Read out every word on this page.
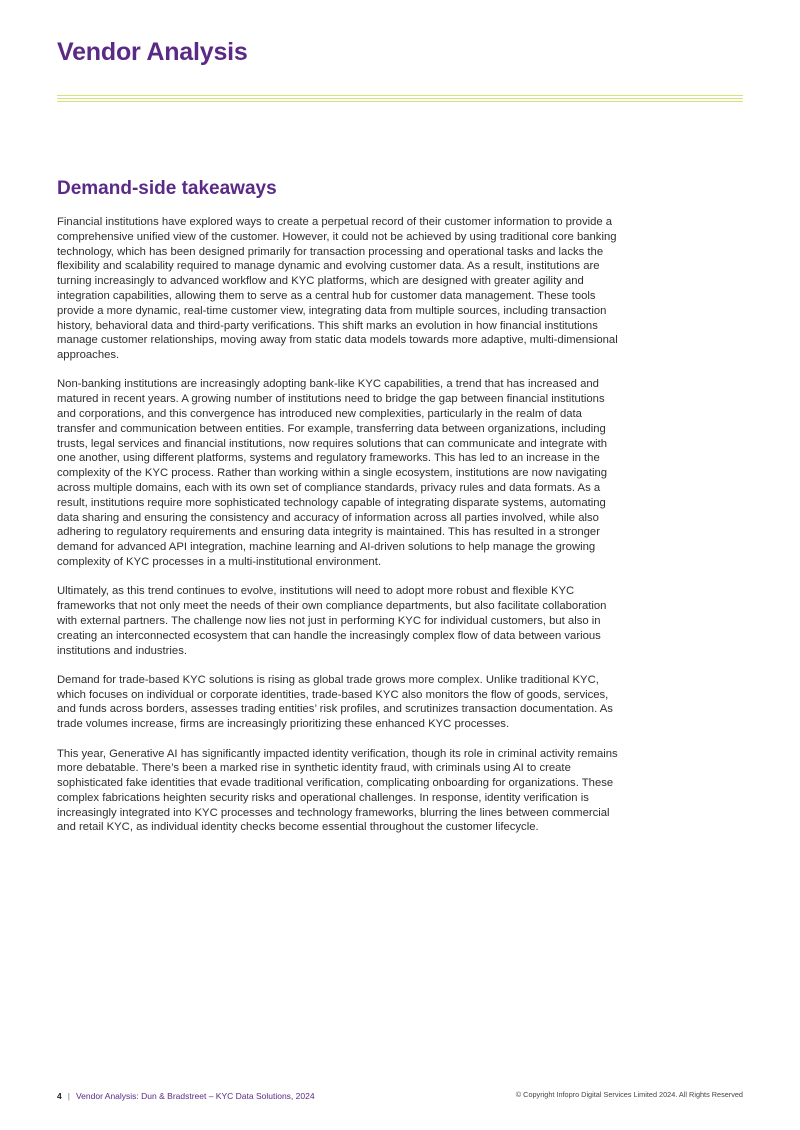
Vendor Analysis
Demand-side takeaways

Financial institutions have explored ways to create a perpetual record of their customer information to provide a comprehensive unified view of the customer. However, it could not be achieved by using traditional core banking technology, which has been designed primarily for transaction processing and operational tasks and lacks the flexibility and scalability required to manage dynamic and evolving customer data. As a result, institutions are turning increasingly to advanced workflow and KYC platforms, which are designed with greater agility and integration capabilities, allowing them to serve as a central hub for customer data management. These tools provide a more dynamic, real-time customer view, integrating data from multiple sources, including transaction history, behavioral data and third-party verifications. This shift marks an evolution in how financial institutions manage customer relationships, moving away from static data models towards more adaptive, multi-dimensional approaches.

Non-banking institutions are increasingly adopting bank-like KYC capabilities, a trend that has increased and matured in recent years. A growing number of institutions need to bridge the gap between financial institutions and corporations, and this convergence has introduced new complexities, particularly in the realm of data transfer and communication between entities. For example, transferring data between organizations, including trusts, legal services and financial institutions, now requires solutions that can communicate and integrate with one another, using different platforms, systems and regulatory frameworks. This has led to an increase in the complexity of the KYC process. Rather than working within a single ecosystem, institutions are now navigating across multiple domains, each with its own set of compliance standards, privacy rules and data formats. As a result, institutions require more sophisticated technology capable of integrating disparate systems, automating data sharing and ensuring the consistency and accuracy of information across all parties involved, while also adhering to regulatory requirements and ensuring data integrity is maintained. This has resulted in a stronger demand for advanced API integration, machine learning and AI-driven solutions to help manage the growing complexity of KYC processes in a multi-institutional environment.

Ultimately, as this trend continues to evolve, institutions will need to adopt more robust and flexible KYC frameworks that not only meet the needs of their own compliance departments, but also facilitate collaboration with external partners. The challenge now lies not just in performing KYC for individual customers, but also in creating an interconnected ecosystem that can handle the increasingly complex flow of data between various institutions and industries.

Demand for trade-based KYC solutions is rising as global trade grows more complex. Unlike traditional KYC, which focuses on individual or corporate identities, trade-based KYC also monitors the flow of goods, services, and funds across borders, assesses trading entities’ risk profiles, and scrutinizes transaction documentation. As trade volumes increase, firms are increasingly prioritizing these enhanced KYC processes.

This year, Generative AI has significantly impacted identity verification, though its role in criminal activity remains more debatable. There’s been a marked rise in synthetic identity fraud, with criminals using AI to create sophisticated fake identities that evade traditional verification, complicating onboarding for organizations. These complex fabrications heighten security risks and operational challenges. In response, identity verification is increasingly integrated into KYC processes and technology frameworks, blurring the lines between commercial and retail KYC, as individual identity checks become essential throughout the customer lifecycle.

4 | Vendor Analysis: Dun & Bradstreet – KYC Data Solutions, 2024	© Copyright Infopro Digital Services Limited 2024. All Rights Reserved
